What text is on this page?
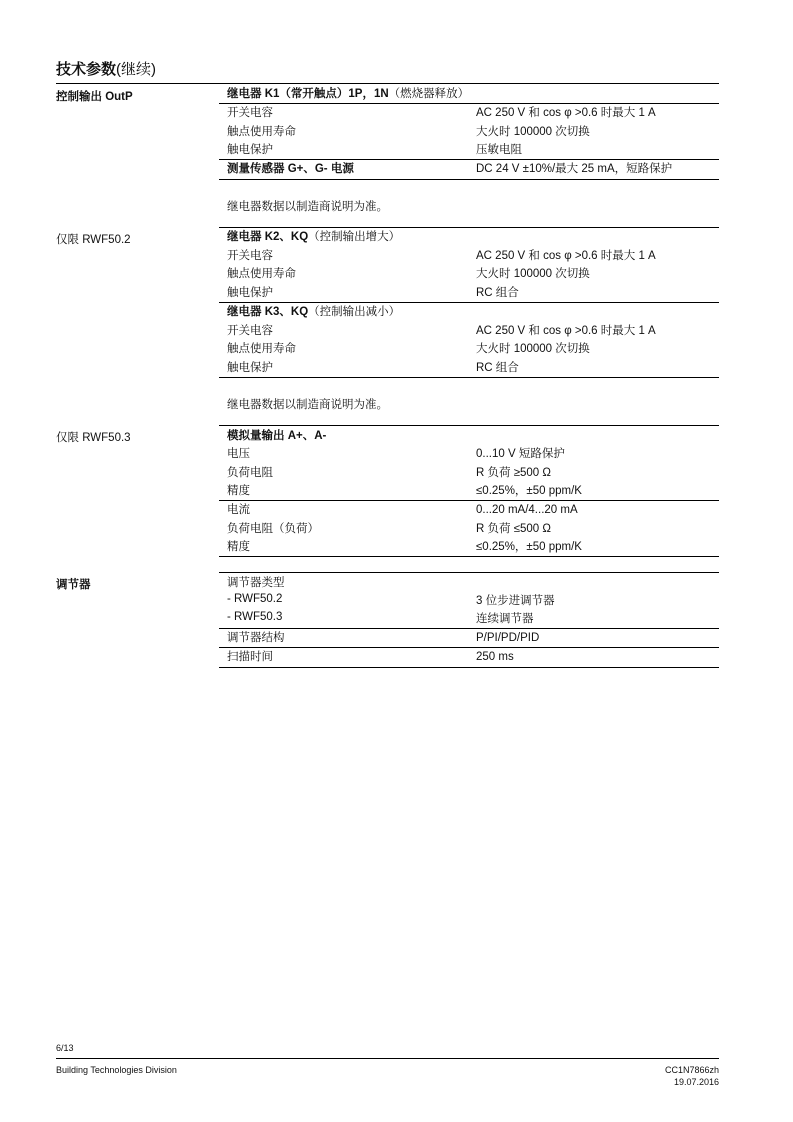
技术参数(继续)
控制输出 OutP	继电器 K1（常开触点）1P，1N（燃烧器释放）
开关电容	AC 250 V 和 cos φ >0.6 时最大 1 A
触点使用寿命	大火时 100000 次切换
触电保护	压敏电阻
测量传感器 G+、G- 电源	DC 24 V ±10%/最大 25 mA，短路保护
继电器数据以制造商说明为准。
仅限 RWF50.2	继电器 K2、KQ（控制输出增大）
开关电容	AC 250 V 和 cos φ >0.6 时最大 1 A
触点使用寿命	大火时 100000 次切换
触电保护	RC 组合
继电器 K3、KQ（控制输出减小）
开关电容	AC 250 V 和 cos φ >0.6 时最大 1 A
触点使用寿命	大火时 100000 次切换
触电保护	RC 组合
继电器数据以制造商说明为准。
仅限 RWF50.3	模拟量输出 A+、A-
电压	0...10 V 短路保护
负荷电阻	R 负荷 ≥500 Ω
精度	≤0.25%，±50 ppm/K
电流	0...20 mA/4...20 mA
负荷电阻（负荷）	R 负荷 ≤500 Ω
精度	≤0.25%，±50 ppm/K
调节器	调节器类型
- RWF50.2	3 位步进调节器
- RWF50.3	连续调节器
调节器结构	P/PI/PD/PID
扫描时间	250 ms
6/13
Building Technologies Division	CC1N7866zh
19.07.2016
